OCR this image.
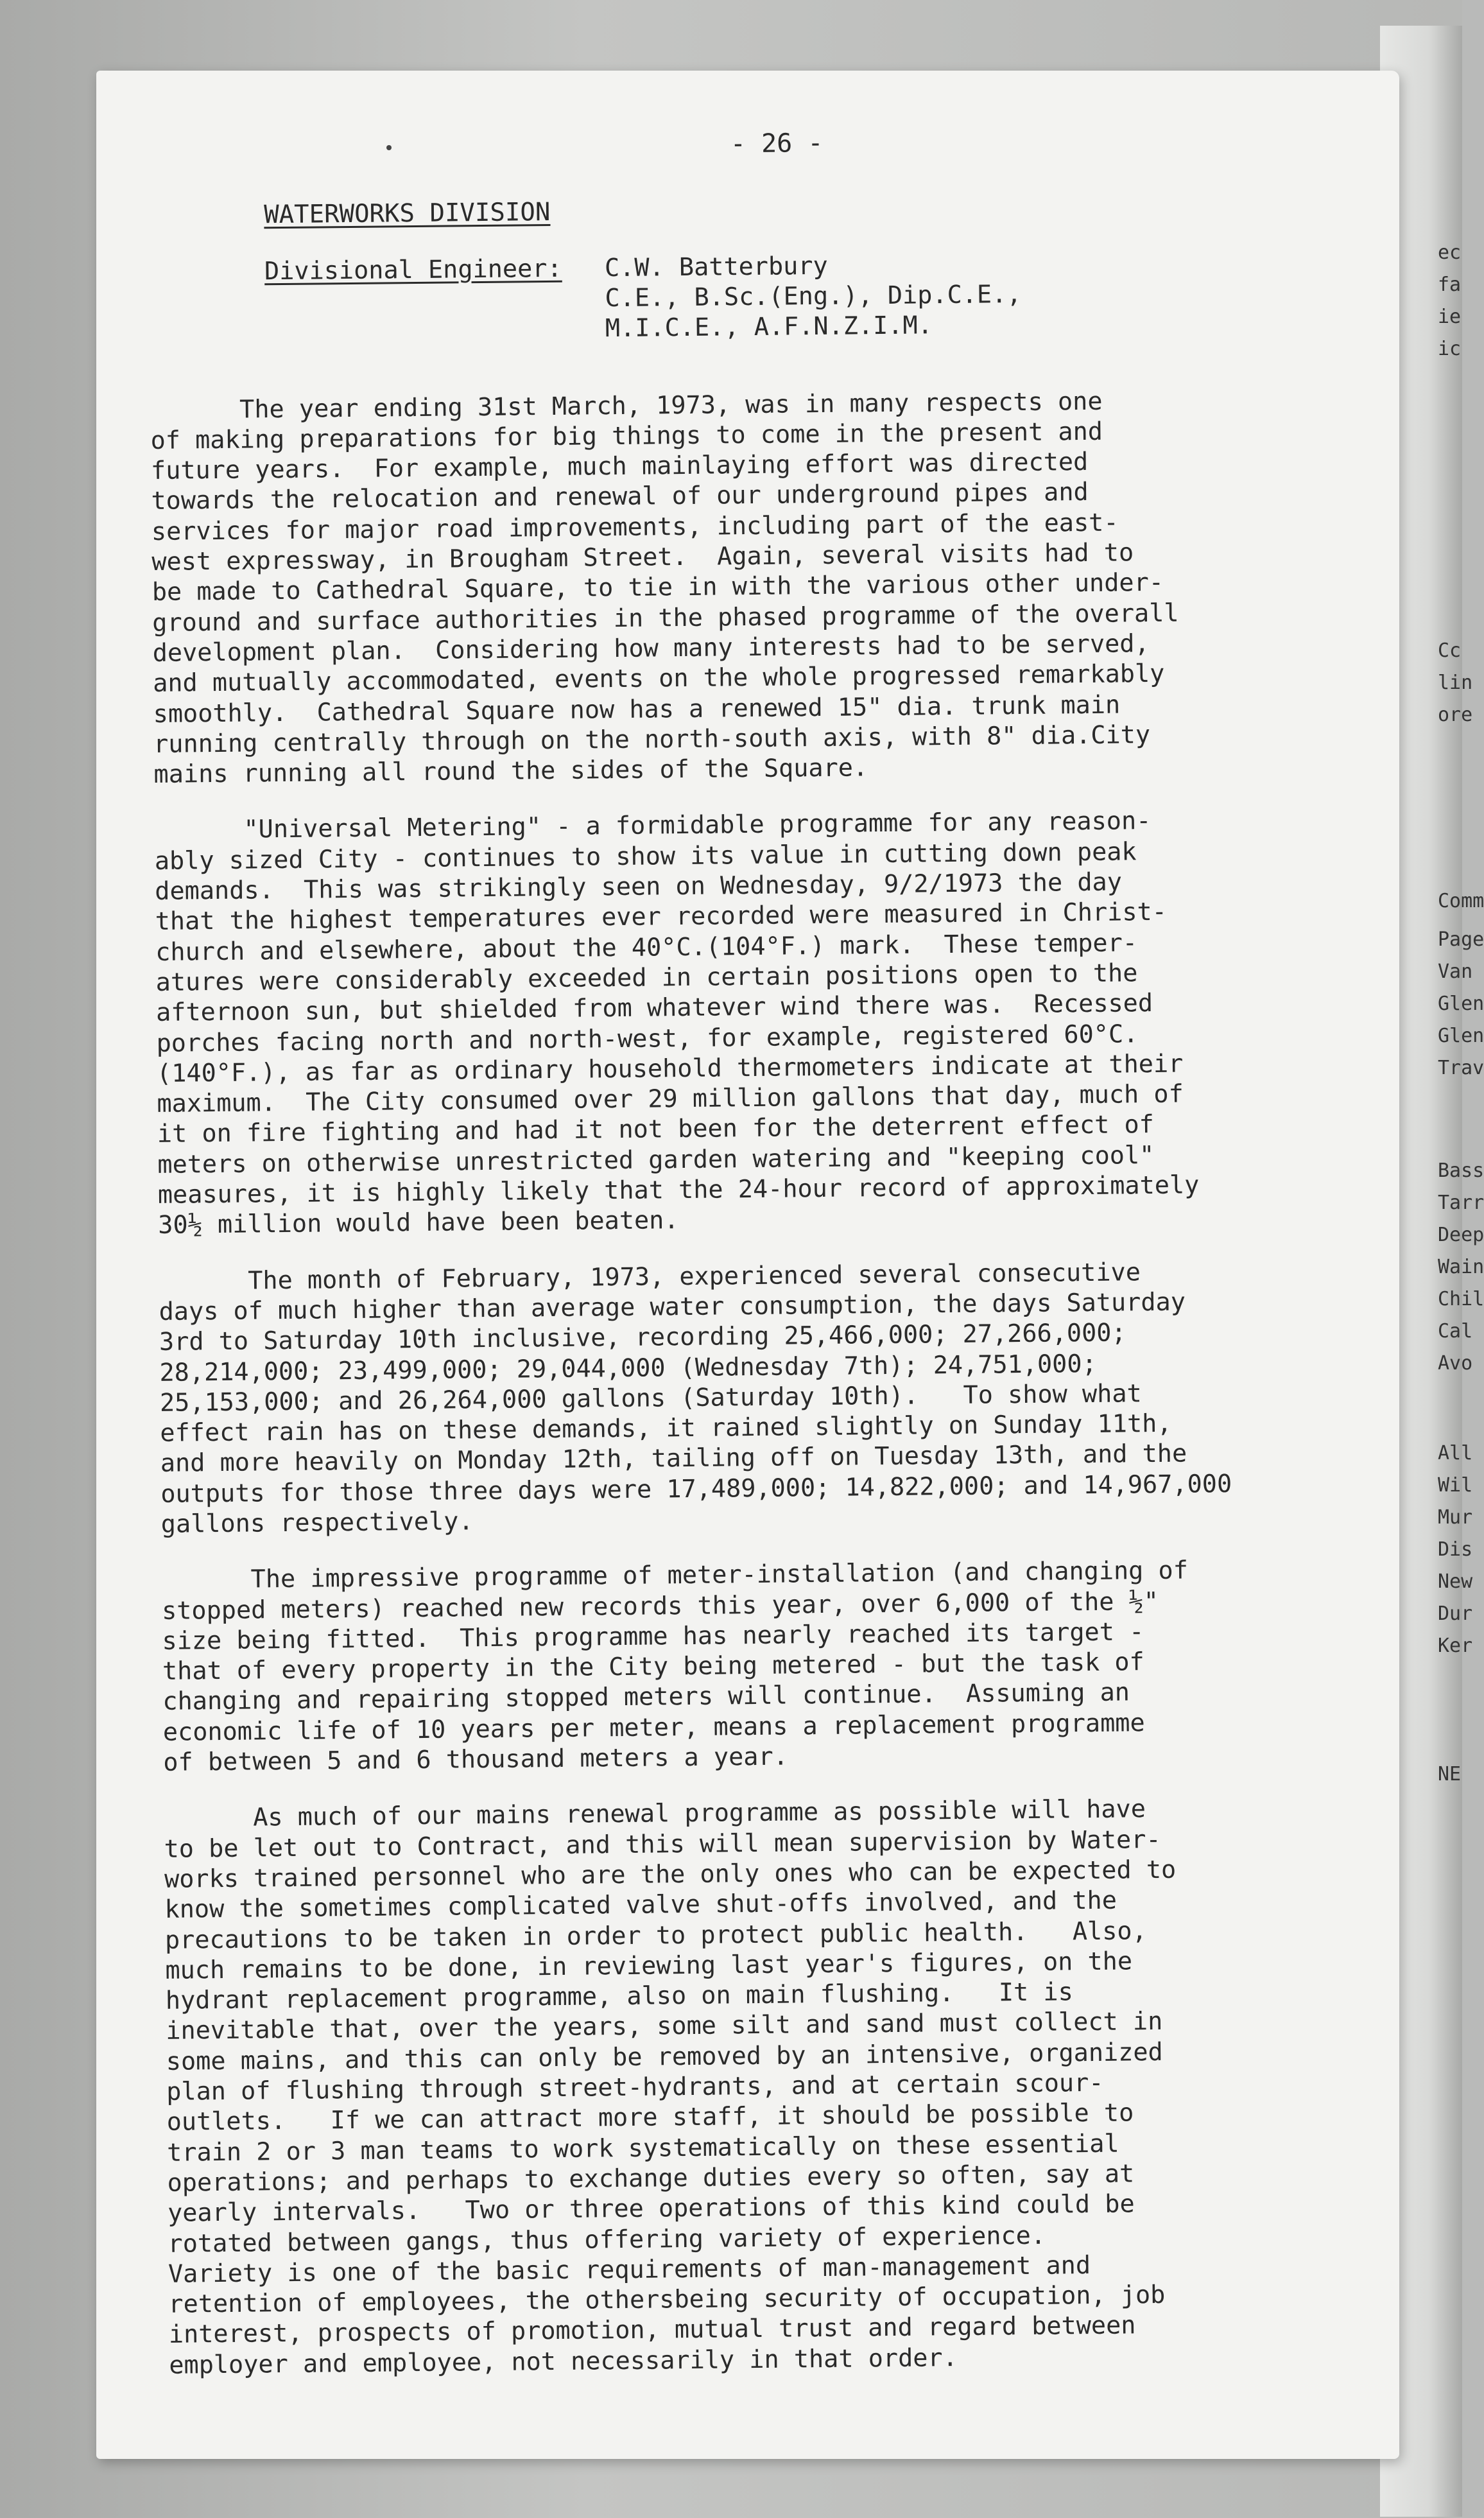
ec
fa
ie
ic
Cc
lin
ore
Comm
Page
Van
Glen
Glen
Trav
Bass
Tarr
Deep
Wain
Chil
Cal
Avo
All
Wil
Mur
Dis
New
Dur
Ker
NE
- 26 -
WATERWORKS DIVISION
Divisional Engineer:	C.W. Batterbury
C.E., B.Sc.(Eng.), Dip.C.E.,
M.I.C.E., A.F.N.Z.I.M.
The year ending 31st March, 1973, was in many respects one
of making preparations for big things to come in the present and
future years.  For example, much mainlaying effort was directed
towards the relocation and renewal of our underground pipes and
services for major road improvements, including part of the east-
west expressway, in Brougham Street.  Again, several visits had to
be made to Cathedral Square, to tie in with the various other under-
ground and surface authorities in the phased programme of the overall
development plan.  Considering how many interests had to be served,
and mutually accommodated, events on the whole progressed remarkably
smoothly.  Cathedral Square now has a renewed 15" dia. trunk main
running centrally through on the north-south axis, with 8" dia.City
mains running all round the sides of the Square.
"Universal Metering" - a formidable programme for any reason-
ably sized City - continues to show its value in cutting down peak
demands.  This was strikingly seen on Wednesday, 9/2/1973 the day
that the highest temperatures ever recorded were measured in Christ-
church and elsewhere, about the 40°C.(104°F.) mark.  These temper-
atures were considerably exceeded in certain positions open to the
afternoon sun, but shielded from whatever wind there was.  Recessed
porches facing north and north-west, for example, registered 60°C.
(140°F.), as far as ordinary household thermometers indicate at their
maximum.  The City consumed over 29 million gallons that day, much of
it on fire fighting and had it not been for the deterrent effect of
meters on otherwise unrestricted garden watering and "keeping cool"
measures, it is highly likely that the 24-hour record of approximately
30½ million would have been beaten.
The month of February, 1973, experienced several consecutive
days of much higher than average water consumption, the days Saturday
3rd to Saturday 10th inclusive, recording 25,466,000; 27,266,000;
28,214,000; 23,499,000; 29,044,000 (Wednesday 7th); 24,751,000;
25,153,000; and 26,264,000 gallons (Saturday 10th).   To show what
effect rain has on these demands, it rained slightly on Sunday 11th,
and more heavily on Monday 12th, tailing off on Tuesday 13th, and the
outputs for those three days were 17,489,000; 14,822,000; and 14,967,000
gallons respectively.
The impressive programme of meter-installation (and changing of
stopped meters) reached new records this year, over 6,000 of the ½"
size being fitted.  This programme has nearly reached its target -
that of every property in the City being metered - but the task of
changing and repairing stopped meters will continue.  Assuming an
economic life of 10 years per meter, means a replacement programme
of between 5 and 6 thousand meters a year.
As much of our mains renewal programme as possible will have
to be let out to Contract, and this will mean supervision by Water-
works trained personnel who are the only ones who can be expected to
know the sometimes complicated valve shut-offs involved, and the
precautions to be taken in order to protect public health.   Also,
much remains to be done, in reviewing last year's figures, on the
hydrant replacement programme, also on main flushing.   It is
inevitable that, over the years, some silt and sand must collect in
some mains, and this can only be removed by an intensive, organized
plan of flushing through street-hydrants, and at certain scour-
outlets.   If we can attract more staff, it should be possible to
train 2 or 3 man teams to work systematically on these essential
operations; and perhaps to exchange duties every so often, say at
yearly intervals.   Two or three operations of this kind could be
rotated between gangs, thus offering variety of experience.
Variety is one of the basic requirements of man-management and
retention of employees, the othersbeing security of occupation, job
interest, prospects of promotion, mutual trust and regard between
employer and employee, not necessarily in that order.
